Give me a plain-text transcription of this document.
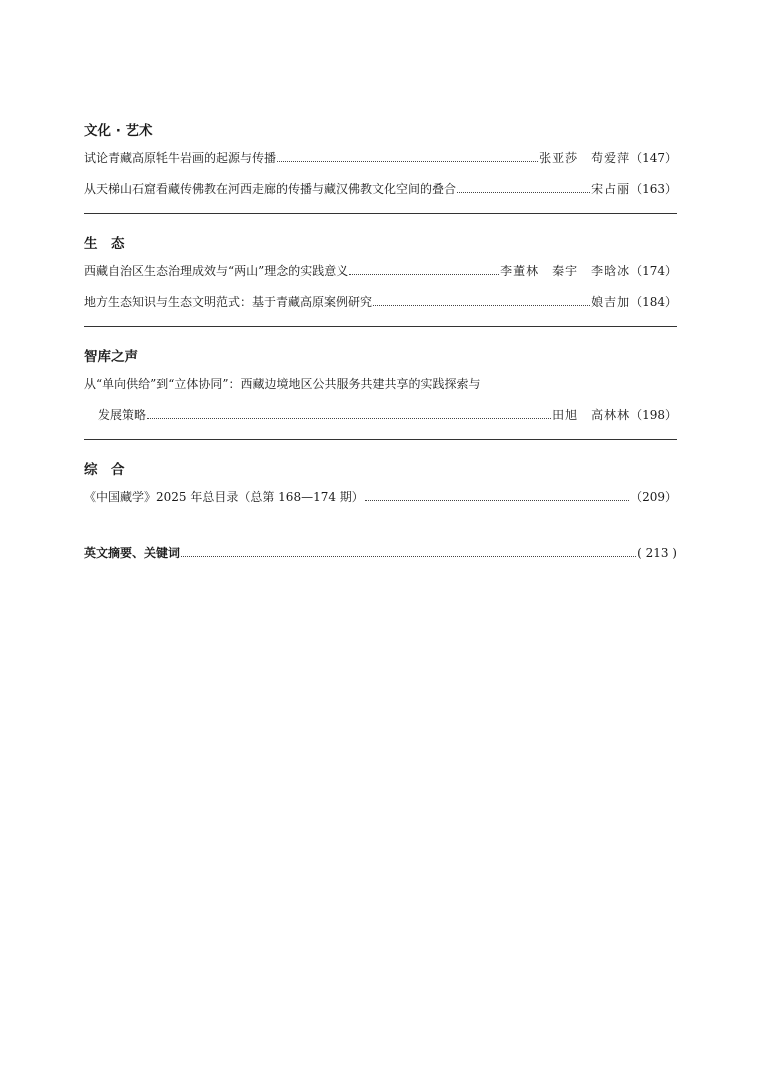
文化 · 艺术
试论青藏高原牦牛岩画的起源与传播	张亚莎　苟爱萍 （147）
从天梯山石窟看藏传佛教在河西走廊的传播与藏汉佛教文化空间的叠合	宋占丽 （163）
生　态
西藏自治区生态治理成效与“两山”理念的实践意义	李董林　秦宇　李晗冰 （174）
地方生态知识与生态文明范式：基于青藏高原案例研究	娘吉加 （184）
智库之声
从“单向供给”到“立体协同”：西藏边境地区公共服务共建共享的实践探索与
发展策略	田旭　高林林 （198）
综　合
《中国藏学》2025 年总目录（总第 168—174 期）	（209）
英文摘要、关键词	( 213 )
